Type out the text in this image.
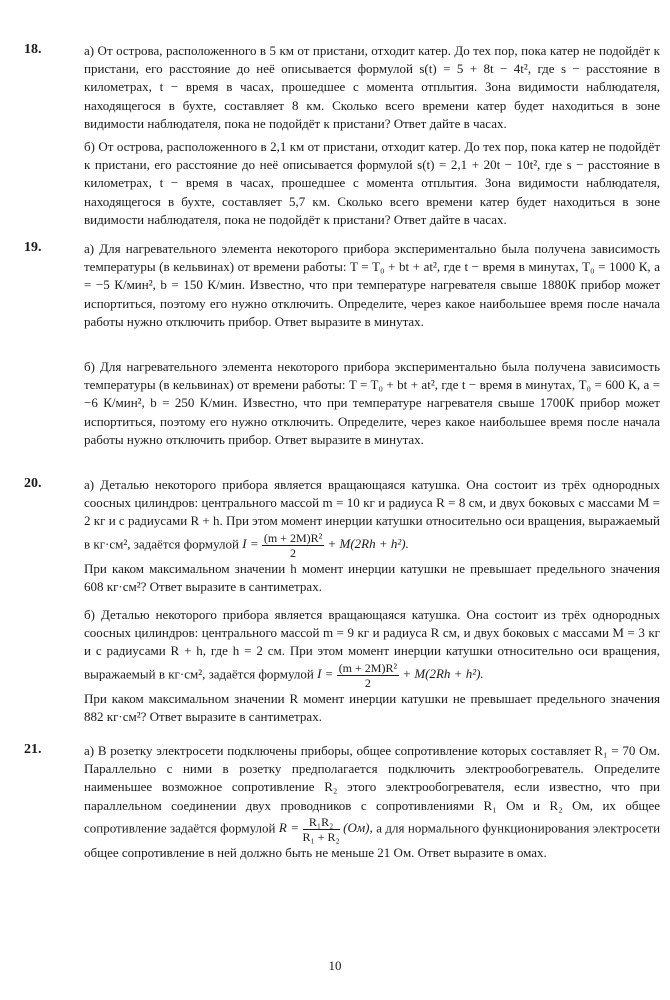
18.	а) От острова, расположенного в 5 км от пристани, отходит катер. До тех пор, пока катер не подойдёт к пристани, его расстояние до неё описывается формулой s(t) = 5 + 8t − 4t², где s − расстояние в километрах, t − время в часах, прошедшее с момента отплытия. Зона видимости наблюдателя, находящегося в бухте, составляет 8 км. Сколько всего времени катер будет находиться в зоне видимости наблюдателя, пока не подойдёт к пристани? Ответ дайте в часах.

б) От острова, расположенного в 2,1 км от пристани, отходит катер. До тех пор, пока катер не подойдёт к пристани, его расстояние до неё описывается формулой s(t) = 2,1 + 20t − 10t², где s − расстояние в километрах, t − время в часах, прошедшее с момента отплытия. Зона видимости наблюдателя, находящегося в бухте, составляет 5,7 км. Сколько всего времени катер будет находиться в зоне видимости наблюдателя, пока не подойдёт к пристани? Ответ дайте в часах.

19.	а) Для нагревательного элемента некоторого прибора экспериментально была получена зависимость температуры (в кельвинах) от времени работы: T = T₀ + bt + at², где t − время в минутах, T₀ = 1000 К, a = −5 К/мин², b = 150 К/мин. Известно, что при температуре нагревателя свыше 1880К прибор может испортиться, поэтому его нужно отключить. Определите, через какое наибольшее время после начала работы нужно отключить прибор. Ответ выразите в минутах.

б) Для нагревательного элемента некоторого прибора экспериментально была получена зависимость температуры (в кельвинах) от времени работы: T = T₀ + bt + at², где t − время в минутах, T₀ = 600 К, a = −6 К/мин², b = 250 К/мин. Известно, что при температуре нагревателя свыше 1700К прибор может испортиться, поэтому его нужно отключить. Определите, через какое наибольшее время после начала работы нужно отключить прибор. Ответ выразите в минутах.

20.	а) Деталью некоторого прибора является вращающаяся катушка. Она состоит из трёх однородных соосных цилиндров: центрального массой m = 10 кг и радиуса R = 8 см, и двух боковых с массами M = 2 кг и с радиусами R + h. При этом момент инерции катушки относительно оси вращения, выражаемый в кг·см², задаётся формулой $I = \frac{\text{(m + 2M)R²}}{2} + M(2Rh + h^2)$.

При каком максимальном значении h момент инерции катушки не превышает предельного значения 608 кг·см²? Ответ выразите в сантиметрах.

б) Деталью некоторого прибора является вращающаяся катушка. Она состоит из трёх однородных соосных цилиндров: центрального массой m = 9 кг и радиуса R см, и двух боковых с массами M = 3 кг и с радиусами R + h, где h = 2 см. При этом момент инерции катушки относительно оси вращения, выражаемый в кг·см², задаётся формулой $I = \frac{\text{(m + 2M)R²}}{2} + M(2Rh + h^2)$.

При каком максимальном значении R момент инерции катушки не превышает предельного значения 882 кг·см²? Ответ выразите в сантиметрах.

21.	а) В розетку электросети подключены приборы, общее сопротивление которых составляет R₁ = 70 Ом. Параллельно с ними в розетку предполагается подключить электрообогреватель. Определите наименьшее возможное сопротивление R₂ этого электрообогревателя, если известно, что при параллельном соединении двух проводников с сопротивлениями R₁ Ом и R₂ Ом, их общее сопротивление задаётся формулой $R = \frac{\text{R₁R₂}}{\text{R₁ + R₂}} (Ом)$, а для нормального функционирования электросети общее сопротивление в ней должно быть не меньше 21 Ом. Ответ выразите в омах.

10
